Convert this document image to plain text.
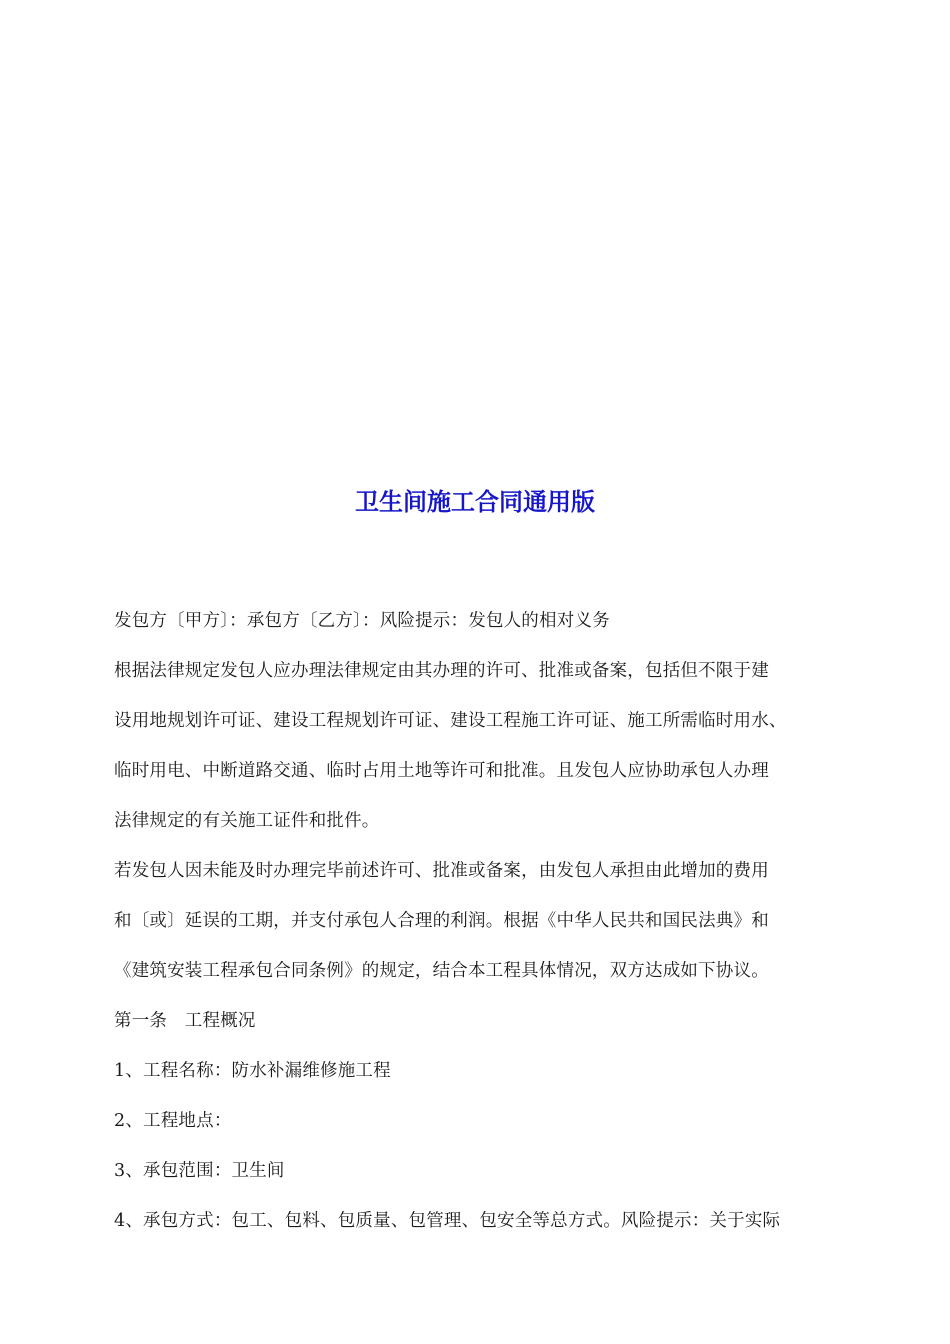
卫生间施工合同通用版

发包方〔甲方〕：承包方〔乙方〕：风险提示：发包人的相对义务

根据法律规定发包人应办理法律规定由其办理的许可、批准或备案，包括但不限于建

设用地规划许可证、建设工程规划许可证、建设工程施工许可证、施工所需临时用水、

临时用电、中断道路交通、临时占用土地等许可和批准。且发包人应协助承包人办理

法律规定的有关施工证件和批件。

若发包人因未能及时办理完毕前述许可、批准或备案，由发包人承担由此增加的费用

和〔或〕延误的工期，并支付承包人合理的利润。根据《中华人民共和国民法典》和

《建筑安装工程承包合同条例》的规定，结合本工程具体情况，双方达成如下协议。

第一条　工程概况

1、工程名称：防水补漏维修施工程

2、工程地点：

3、承包范围：卫生间

4、承包方式：包工、包料、包质量、包管理、包安全等总方式。风险提示：关于实际
